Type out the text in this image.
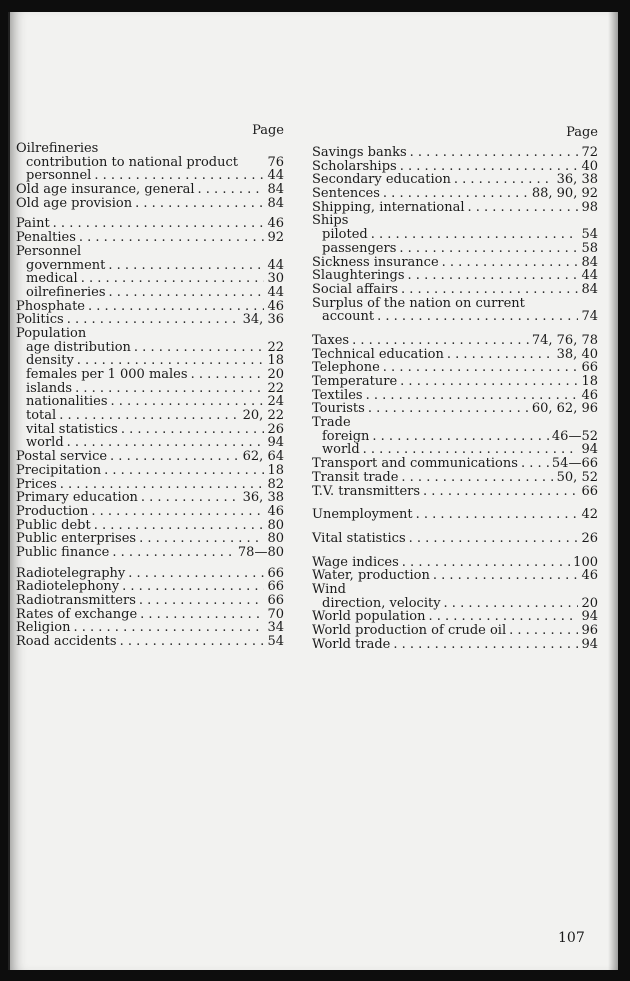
Page
Oilrefineries
contribution to national product 76
personnel . . .	44
Old age insurance, general . . .	84
Old age provision . . .	84
Paint . . .	46
Penalties . . .	92
Personnel
government . . .	44
medical . . .	30
oilrefineries . . .	44
Phosphate . . .	46
Politics . . .	34, 36
Population
age distribution . . .	22
density . . .	18
females per 1 000 males . . .	20
islands . . .	22
nationalities . . .	24
total . . .	20, 22
vital statistics . . .	26
world . . .	94
Postal service . . .	62, 64
Precipitation . . .	18
Prices . . .	82
Primary education . . .	36, 38
Production . . .	46
Public debt . . .	80
Public enterprises . . .	80
Public finance . . .	78—80
Radiotelegraphy . . .	66
Radiotelephony . . .	66
Radiotransmitters . . .	66
Rates of exchange . . .	70
Religion . . .	34
Road accidents . . .	54
Page
Savings banks . . .	72
Scholarships . . .	40
Secondary education . . .	36, 38
Sentences . . .	88, 90, 92
Shipping, international . . .	98
Ships
piloted . . .	54
passengers . . .	58
Sickness insurance . . .	84
Slaughterings . . .	44
Social affairs . . .	84
Surplus of the nation on current
account . . .	74
Taxes . . .	74, 76, 78
Technical education . . .	38, 40
Telephone . . .	66
Temperature . . .	18
Textiles . . .	46
Tourists . . .	60, 62, 96
Trade
foreign . . .	46—52
world . . .	94
Transport and communications . . .	54—66
Transit trade . . .	50, 52
T.V. transmitters . . .	66
Unemployment . . .	42
Vital statistics . . .	26
Wage indices . . .	100
Water, production . . .	46
Wind
direction, velocity . . .	20
World population . . .	94
World production of crude oil . . .	96
World trade . . .	94
107
